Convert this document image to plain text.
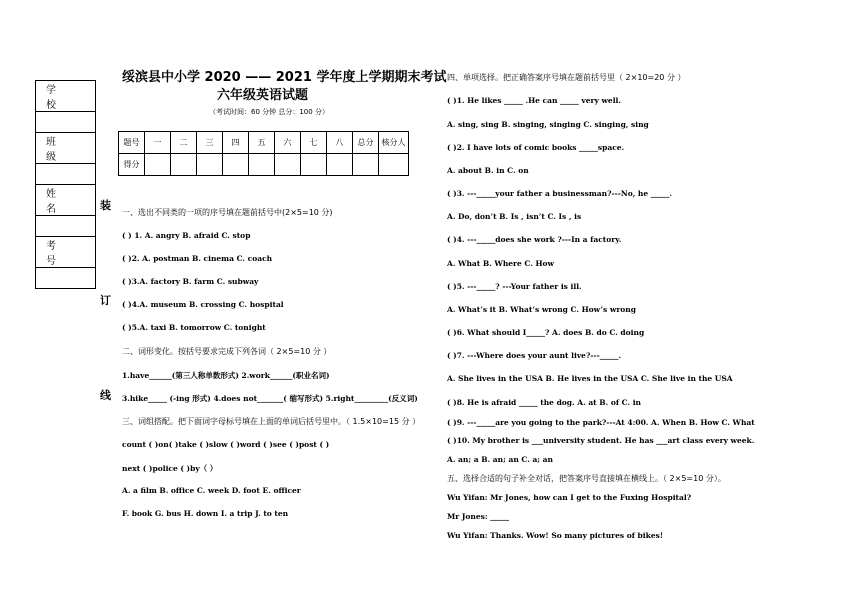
学　校
班　级
姓　名
考　号
装
订
线
绥滨县中小学 2020 —— 2021 学年度上学期期末考试
六年级英语试题
（考试时间：60 分钟 总分：100 分）
题号	一	二	三	四	五	六	七	八	总分	核分人
得分										
一、选出不同类的一项的序号填在题前括号中(2×5=10 分)
( ) 1. A. angry B. afraid C. stop
( )2. A. postman B. cinema C. coach
( )3.A. factory B. farm C. subway
( )4.A. museum B. crossing C. hospital
( )5.A. taxi B. tomorrow C. tonight
二、词形变化。按括号要求完成下列各词（ 2×5=10 分 ）
1.have______(第三人称单数形式) 2.work______(职业名词)
3.hike_____ (-ing 形式) 4.does not_______( 缩写形式) 5.right_________(反义词)
三、词组搭配。把下面词字母标号填在上面的单词后括号里中。（ 1.5×10=15 分 ）
count ( )on( )take ( )slow ( )word ( )see ( )post ( )
next ( )police ( )by（ ）
A. a film B. office C. week D. foot E. officer
F. book G. bus H. down I. a trip J. to ten
四、单项选择。把正确答案序号填在题前括号里（ 2×10=20 分 ）
( )1. He likes _____ .He can _____ very well.
A. sing, sing B. singing, singing C. singing, sing
( )2. I have lots of comic books _____space.
A. about B. in C. on
( )3. ---_____your father a businessman?---No, he _____.
A. Do, don’t B. Is , isn’t C. Is , is
( )4. ---_____does she work ?---In a factory.
A. What B. Where C. How
( )5. ---_____? ---Your father is ill.
A. What’s it B. What’s wrong C. How’s wrong
( )6. What should I_____? A. does B. do C. doing
( )7. ---Where does your aunt live?---_____.
A. She lives in the USA B. He lives in the USA C. She live in the USA
( )8. He is afraid _____ the dog. A. at B. of C. in
( )9. ---_____are you going to the park?---At 4:00. A. When B. How C. What
( )10. My brother is ___university student. He has ___art class every week.
A. an; a B. an; an C. a; an
五、选择合适的句子补全对话，把答案序号直接填在横线上。（ 2×5=10 分）。
Wu Yifan: Mr Jones, how can I get to the Fuxing Hospital?
Mr Jones: _____
Wu Yifan: Thanks. Wow! So many pictures of bikes!
